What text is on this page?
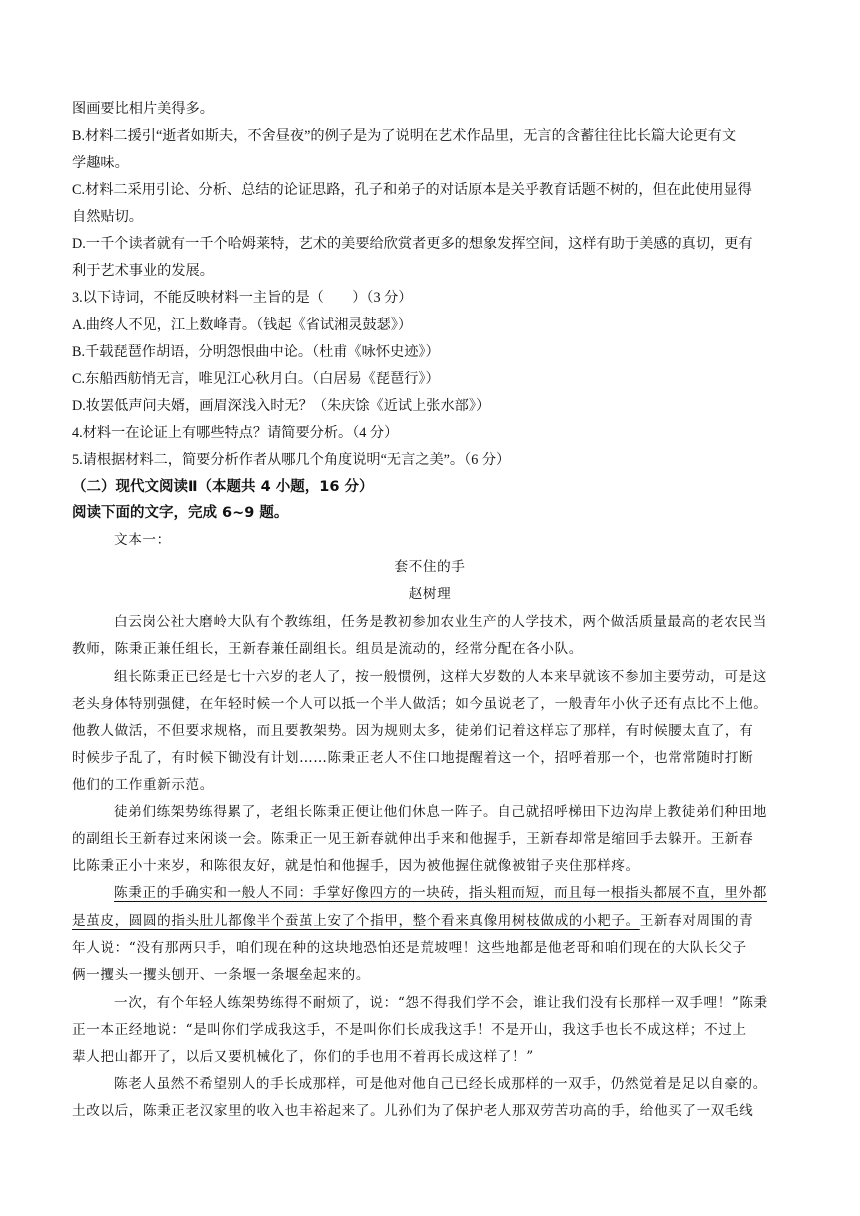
图画要比相片美得多。
B.材料二援引“逝者如斯夫，不舍昼夜”的例子是为了说明在艺术作品里，无言的含蓄往往比长篇大论更有文
学趣味。
C.材料二采用引论、分析、总结的论证思路，孔子和弟子的对话原本是关乎教育话题不树的，但在此使用显得
自然贴切。
D.一千个读者就有一千个哈姆莱特，艺术的美要给欣赏者更多的想象发挥空间，这样有助于美感的真切，更有
利于艺术事业的发展。
3.以下诗词，不能反映材料一主旨的是（　　）（3 分）
A.曲终人不见，江上数峰青。（钱起《省试湘灵鼓瑟》）
B.千载琵琶作胡语，分明怨恨曲中论。（杜甫《咏怀史迹》）
C.东船西舫悄无言，唯见江心秋月白。（白居易《琵琶行》）
D.妆罢低声问夫婿，画眉深浅入时无？（朱庆馀《近试上张水部》）
4.材料一在论证上有哪些特点？请简要分析。（4 分）
5.请根据材料二，简要分析作者从哪几个角度说明“无言之美”。（6 分）
（二）现代文阅读Ⅱ（本题共 4 小题，16 分）
阅读下面的文字，完成 6~9 题。
文本一：
套不住的手
赵树理
白云岗公社大磨岭大队有个教练组，任务是教初参加农业生产的人学技术，两个做活质量最高的老农民当
教师，陈秉正兼任组长，王新春兼任副组长。组员是流动的，经常分配在各小队。
组长陈秉正已经是七十六岁的老人了，按一般惯例，这样大岁数的人本来早就该不参加主要劳动，可是这
老头身体特别强健，在年轻时候一个人可以抵一个半人做活；如今虽说老了，一般青年小伙子还有点比不上他。
他教人做活，不但要求规格，而且要教架势。因为规则太多，徒弟们记着这样忘了那样，有时候腰太直了，有
时候步子乱了，有时候下锄没有计划……陈秉正老人不住口地提醒着这一个，招呼着那一个，也常常随时打断
他们的工作重新示范。
徒弟们练架势练得累了，老组长陈秉正便让他们休息一阵子。自己就招呼梯田下边沟岸上教徒弟们种田地
的副组长王新春过来闲谈一会。陈秉正一见王新春就伸出手来和他握手，王新春却常是缩回手去躲开。王新春
比陈秉正小十来岁，和陈很友好，就是怕和他握手，因为被他握住就像被钳子夹住那样疼。
陈秉正的手确实和一般人不同：手掌好像四方的一块砖，指头粗而短，而且每一根指头都展不直，里外都
是茧皮，圆圆的指头肚儿都像半个蚕茧上安了个指甲，整个看来真像用树枝做成的小耙子。王新春对周围的青
年人说：“没有那两只手，咱们现在种的这块地恐怕还是荒坡哩！这些地都是他老哥和咱们现在的大队长父子
俩一攫头一攫头刨开、一条堰一条堰垒起来的。
一次，有个年轻人练架势练得不耐烦了，说：“怨不得我们学不会，谁让我们没有长那样一双手哩！”陈秉
正一本正经地说：“是叫你们学成我这手，不是叫你们长成我这手！不是开山，我这手也长不成这样；不过上
辈人把山都开了，以后又要机械化了，你们的手也用不着再长成这样了！”
陈老人虽然不希望别人的手长成那样，可是他对他自己已经长成那样的一双手，仍然觉着是足以自豪的。
土改以后，陈秉正老汉家里的收入也丰裕起来了。儿孙们为了保护老人那双劳苦功高的手，给他买了一双毛线
